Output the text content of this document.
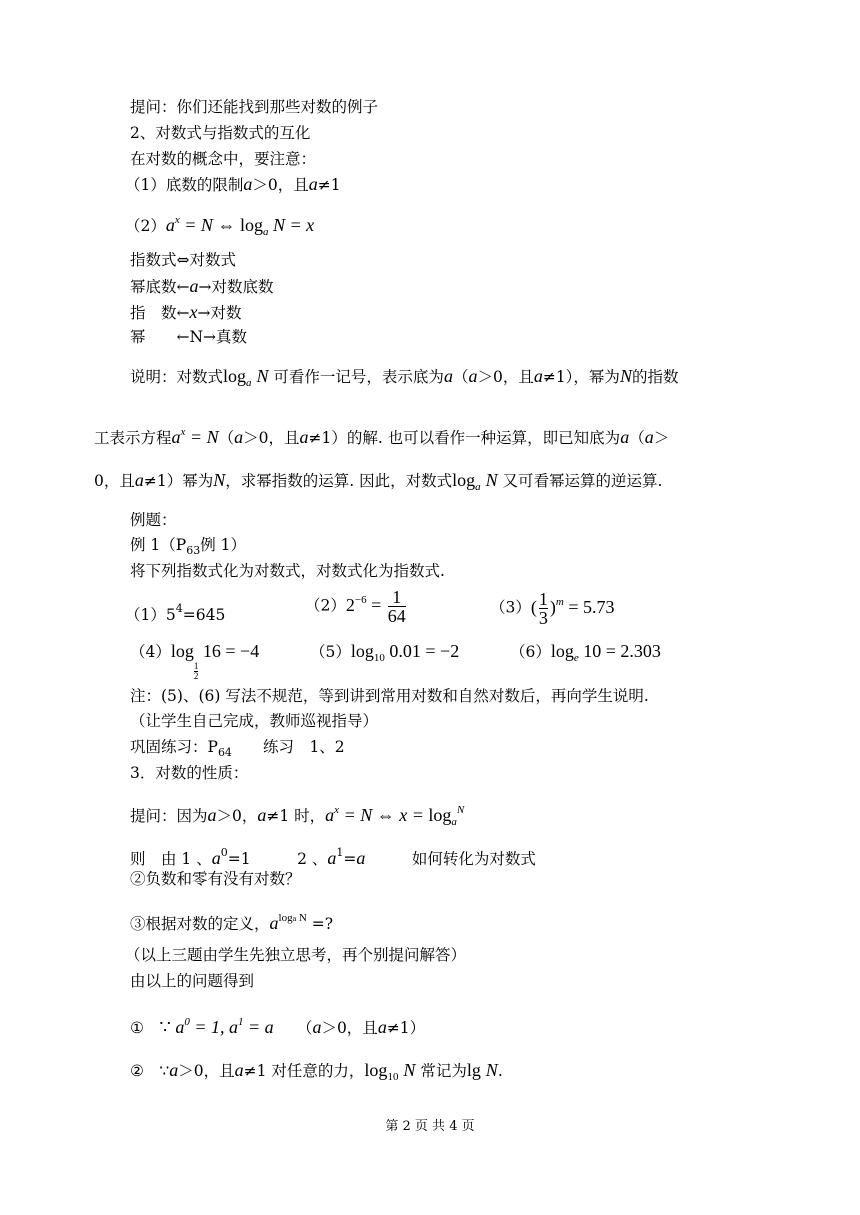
提问：你们还能找到那些对数的例子
2、对数式与指数式的互化
在对数的概念中，要注意：
（1）底数的限制a＞0，且a≠1
$(2)a^x = N$ ⇔ $\log_a N = x$
指数式⇔对数式
幂底数←a→对数底数
指　数←x→对数
幂　　←N→真数
说明：对数式$\log_a N$ 可看作一记号，表示底为a（a＞0，且a≠1），幂为N的指数
工表示方程$a^x = N(a>0$，且a≠1）的解. 也可以看作一种运算，即已知底为a（a＞
0，且a≠1）幂为N，求幂指数的运算. 因此，对数式$\log_a N$ 又可看幂运算的逆运算.
例题：
例 $1(P_{63}$例 1）
将下列指数式化为对数式，对数式化为指数式.
$(1)5^4=645$
$(2)2^{-6} = \frac{1}{64}$	$(3)( \frac{1}{3} )^m = 5.73$
（4）log
$\frac{1}{2}$
16 = −4	$(5)\log_{10}$ 0.01 = −2	$(6)\log_e$ 10 = 2.303
注：(5)、(6) 写法不规范，等到讲到常用对数和自然对数后，再向学生说明.
（让学生自己完成，教师巡视指导）
巩固练习：$P_{64}$　　练习　1、2
3．对数的性质：
提问：因为a＞0，a≠1 时，$a^x = N$ ⇔ $x = \log_a^N$
则　由 1 、$a^0=1$　　　2 、$a^1=a$　　　如何转化为对数式
②负数和零有没有对数？
③根据对数的定义，$a^{loga N}$ =?
（以上三题由学生先独立思考，再个别提问解答）
由以上的问题得到
①　∵ $a^0 = 1$, $a^1 = a$　　（a＞0，且a≠1）
②　∵a＞0，且a≠1 对任意的力，$\log_{10} N$ 常记为lg N.
第 2 页 共 4 页
